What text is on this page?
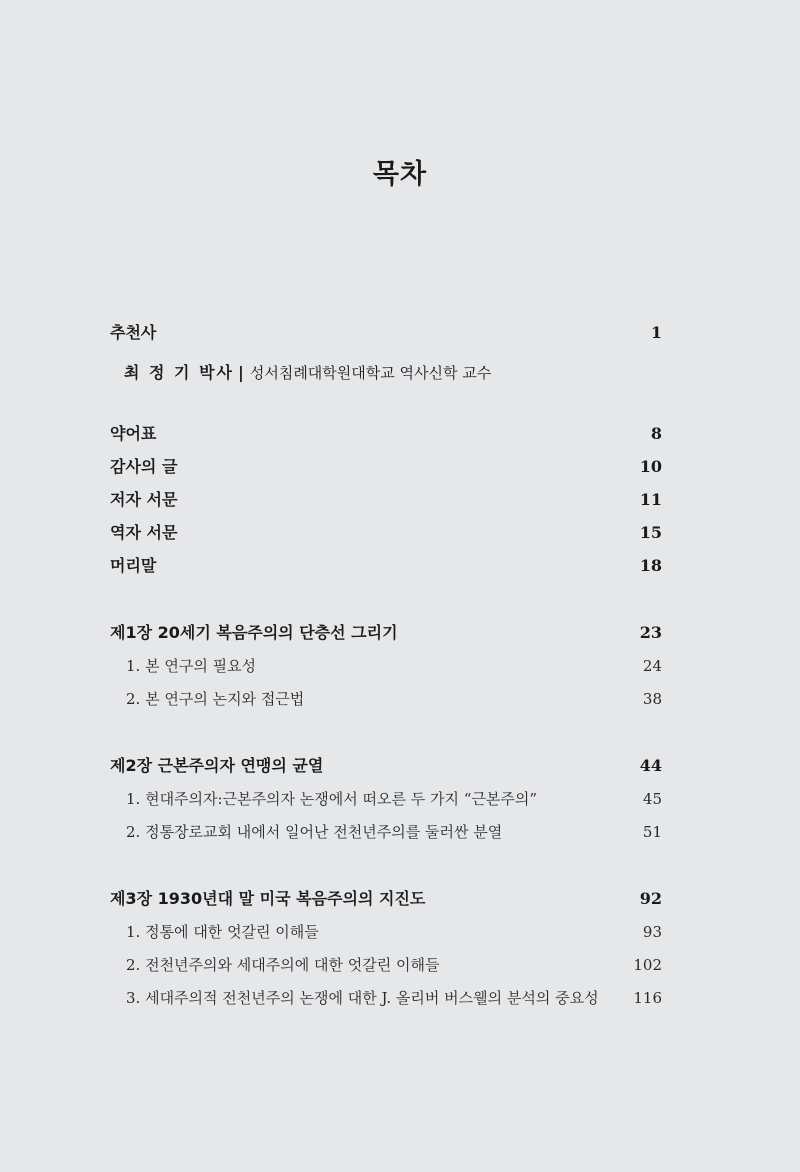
목차
추천사	1
최 정 기 박사 | 성서침례대학원대학교 역사신학 교수
약어표	8
감사의 글	10
저자 서문	11
역자 서문	15
머리말	18
제1장 20세기 복음주의의 단층선 그리기	23
1. 본 연구의 필요성	24
2. 본 연구의 논지와 접근법	38
제2장 근본주의자 연맹의 균열	44
1. 현대주의자:근본주의자 논쟁에서 떠오른 두 가지 “근본주의”	45
2. 정통장로교회 내에서 일어난 전천년주의를 둘러싼 분열	51
제3장 1930년대 말 미국 복음주의의 지진도	92
1. 정통에 대한 엇갈린 이해들	93
2. 전천년주의와 세대주의에 대한 엇갈린 이해들	102
3. 세대주의적 전천년주의 논쟁에 대한 J. 올리버 버스웰의 분석의 중요성 116
